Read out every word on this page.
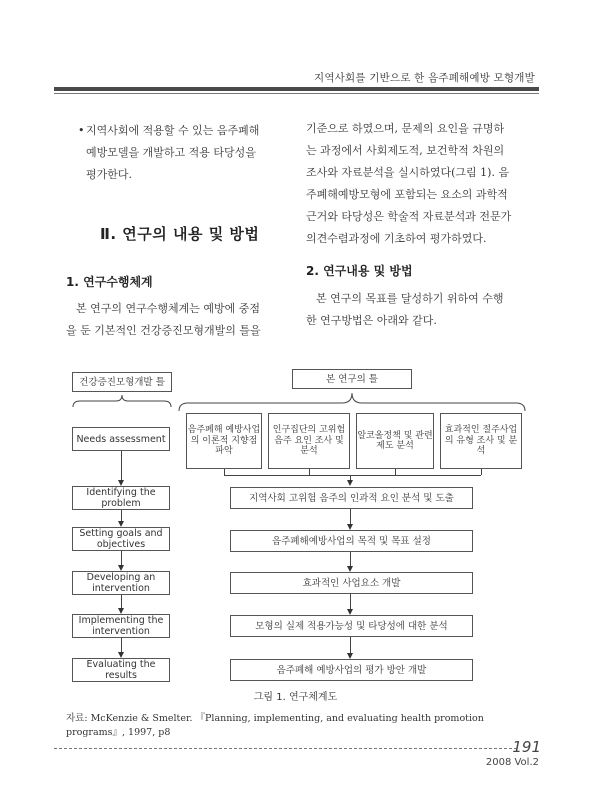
지역사회를 기반으로 한 음주폐해예방 모형개발
• 지역사회에 적용할 수 있는 음주폐해
예방모델을 개발하고 적용 타당성을
평가한다.
기준으로 하였으며, 문제의 요인을 규명하
는 과정에서 사회제도적, 보건학적 차원의
조사와 자료분석을 실시하였다(그림 1). 음
주폐해예방모형에 포함되는 요소의 과학적
근거와 타당성은 학술적 자료분석과 전문가
의견수렴과정에 기초하여 평가하였다.
Ⅱ. 연구의 내용 및 방법
1. 연구수행체계
본 연구의 연구수행체계는 예방에 중점
을 둔 기본적인 건강증진모형개발의 틀을
2. 연구내용 및 방법
본 연구의 목표를 달성하기 위하여 수행
한 연구방법은 아래와 같다.
건강증진모형개발 틀	본 연구의 틀
음주폐해 예방사업의 이론적 지향점 파악
인구집단의 고위험 음주 요인 조사 및 분석
알코올정책 및 관련 제도 분석
효과적인 절주사업의 유형 조사 및 분석
Needs assessment
Identifying the problem
Setting goals and objectives
Developing an intervention
Implementing the intervention
Evaluating the results
지역사회 고위험 음주의 인과적 요인 분석 및 도출
음주폐해예방사업의 목적 및 목표 설정
효과적인 사업요소 개발
모형의 실제 적용가능성 및 타당성에 대한 분석
음주폐해 예방사업의 평가 방안 개발
그림 1. 연구체계도
자료: McKenzie & Smelter. 『Planning, implementing, and evaluating health promotion programs』, 1997, p8
191
2008 Vol.2
